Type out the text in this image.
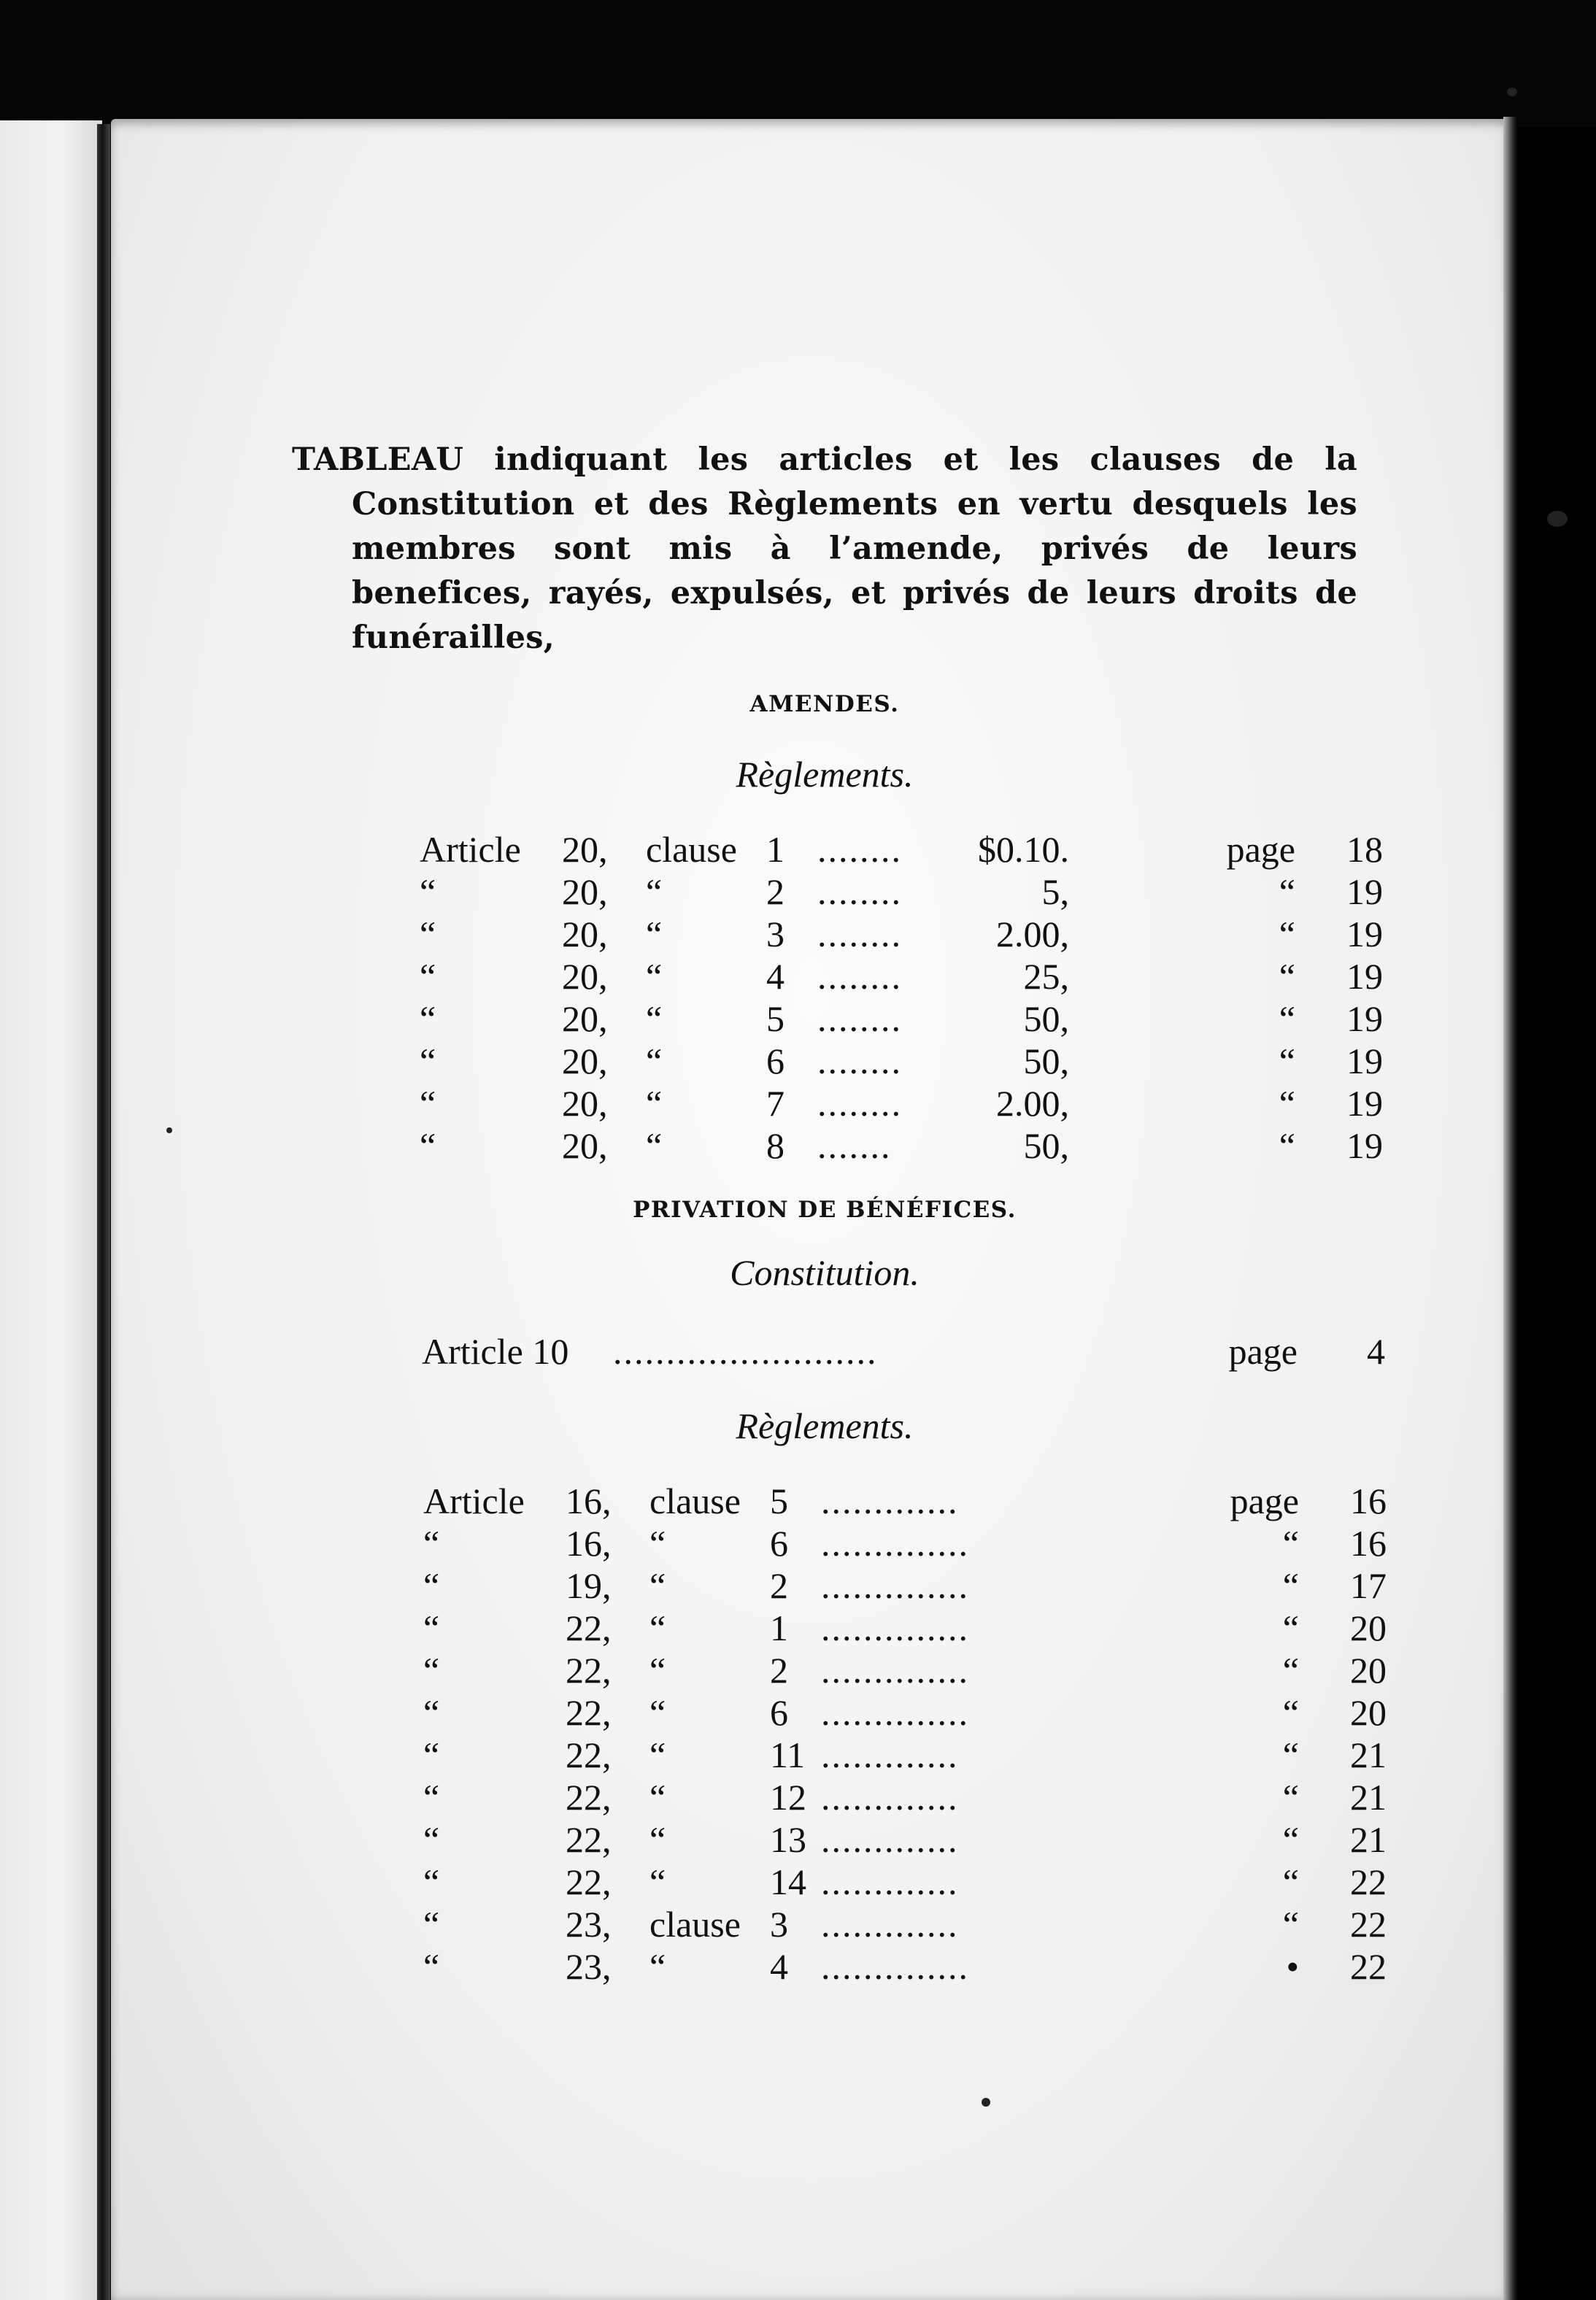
TABLEAU indiquant les articles et les clauses de la Constitution et des Règlements en vertu desquels les membres sont mis à l’amende, privés de leurs benefices, rayés, expulsés, et privés de leurs droits de funérailles,

AMENDES.

Règlements.

Article 20, clause 1 ........ $0.10.	page	18
“	20, “	2 ........	5,	“	19
“	20, “	3 ........	2.00,	“	19
“	20, “	4 ........	25,	“	19
“	20, “	5 ........	50,	“	19
“	20, “	6 ........	50,	“	19
“	20, “	7 ........	2.00,	“	19
“	20, “	8 .......	50,	“	19

PRIVATION DE BÉNÉFICES.

Constitution.

Article 10 .........................	page	4

Règlements.

Article 16, clause 5 .............	page	16
“	16, “	6 ..............	“	16
“	19, “	2 ..............	“	17
“	22, “	1 ..............	“	20
“	22, “	2 ..............	“	20
“	22, “	6 ..............	“	20
“	22, “	11 .............	“	21
“	22, “	12 .............	“	21
“	22, “	13 .............	“	21
“	22, “	14 .............	“	22
“	23, clause 3 .............	“	22
“	23, “	4 ..............	•	22
